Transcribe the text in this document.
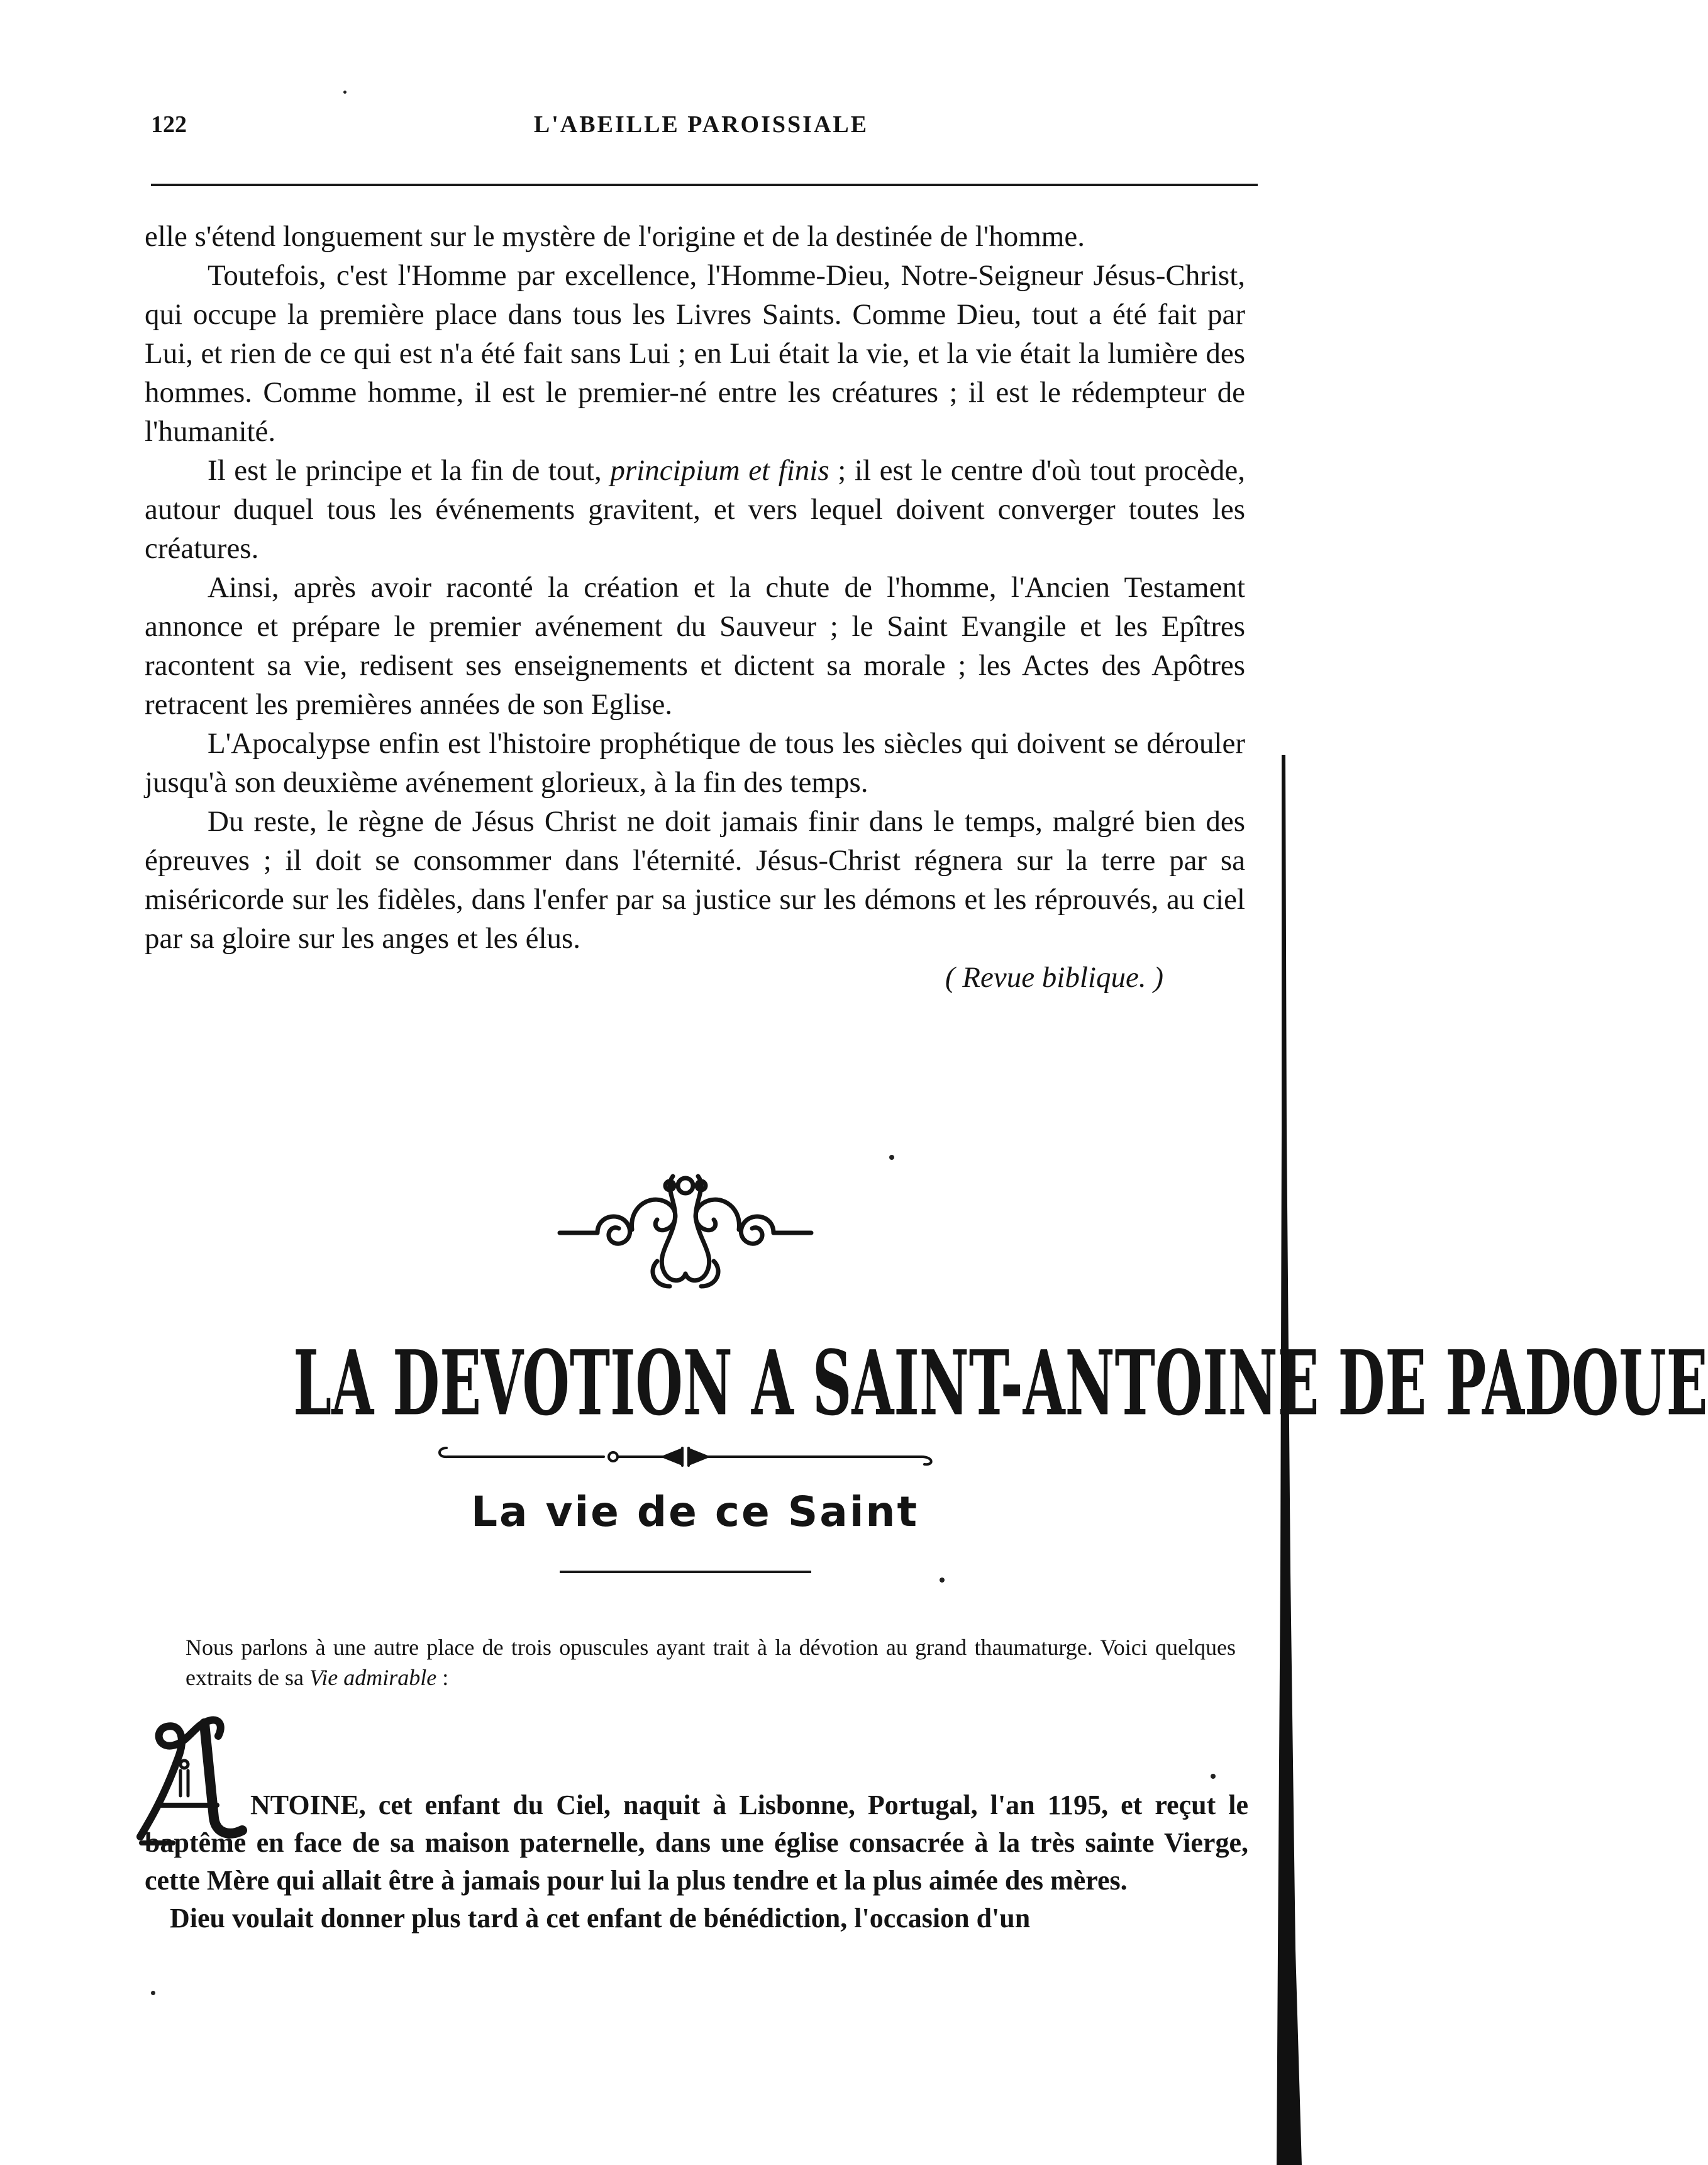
122	L'ABEILLE PAROISSIALE

elle s'étend longuement sur le mystère de l'origine et de la destinée de l'homme.

Toutefois, c'est l'Homme par excellence, l'Homme-Dieu, Notre-Seigneur Jésus-Christ, qui occupe la première place dans tous les Livres Saints. Comme Dieu, tout a été fait par Lui, et rien de ce qui est n'a été fait sans Lui ; en Lui était la vie, et la vie était la lumière des hommes. Comme homme, il est le premier-né entre les créatures ; il est le rédempteur de l'humanité.

Il est le principe et la fin de tout, principium et finis ; il est le centre d'où tout procède, autour duquel tous les événements gravitent, et vers lequel doivent converger toutes les créatures.

Ainsi, après avoir raconté la création et la chute de l'homme, l'Ancien Testament annonce et prépare le premier avénement du Sauveur ; le Saint Evangile et les Epîtres racontent sa vie, redisent ses enseignements et dictent sa morale ; les Actes des Apôtres retracent les premières années de son Eglise.

L'Apocalypse enfin est l'histoire prophétique de tous les siècles qui doivent se dérouler jusqu'à son deuxième avénement glorieux, à la fin des temps.

Du reste, le règne de Jésus Christ ne doit jamais finir dans le temps, malgré bien des épreuves ; il doit se consommer dans l'éternité. Jésus-Christ régnera sur la terre par sa miséricorde sur les fidèles, dans l'enfer par sa justice sur les démons et les réprouvés, au ciel par sa gloire sur les anges et les élus.

( Revue biblique. )

LA DEVOTION A SAINT-ANTOINE DE PADOUE
La vie de ce Saint

Nous parlons à une autre place de trois opuscules ayant trait à la dévotion au grand thaumaturge. Voici quelques extraits de sa Vie admirable :

NTOINE, cet enfant du Ciel, naquit à Lisbonne, Portugal, l'an 1195, et reçut le baptême en face de sa maison paternelle, dans une église consacrée à la très sainte Vierge, cette Mère qui allait être à jamais pour lui la plus tendre et la plus aimée des mères.

Dieu voulait donner plus tard à cet enfant de bénédiction, l'occasion d'un
